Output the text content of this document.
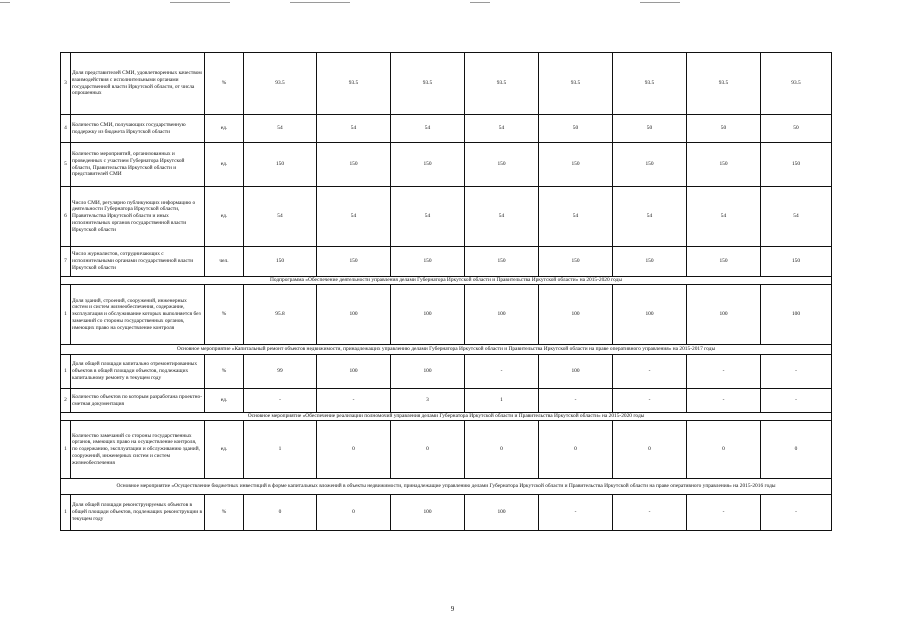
3	Доля представителей СМИ, удовлетворенных качеством взаимодействия с исполнительными органами государственной власти Иркутской области, от числа опрошенных	%	93.5	93.5	93.5	93.5	93.5	93.5	93.5	93.5
4	Количество СМИ, получающих государственную поддержку из бюджета Иркутской области	ед.	54	54	54	54	50	50	50	50
5	Количество мероприятий, организованных и проведенных с участием Губернатора Иркутской области, Правительства Иркутской области и представителей СМИ	ед.	150	150	150	150	150	150	150	150
6	Число СМИ, регулярно публикующих информацию о деятельности Губернатора Иркутской области, Правительства Иркутской области и иных исполнительных органов государственной власти Иркутской области	ед.	54	54	54	54	54	54	54	54
7	Число журналистов, сотрудничающих с исполнительными органами государственной власти Иркутской области	чел.	150	150	150	150	150	150	150	150
Подпрограмма «Обеспечение деятельности управления делами Губернатора Иркутской области и Правительства Иркутской области» на 2015-2020 годы										
1	Доля зданий, строений, сооружений, инженерных систем и систем жизнеобеспечения, содержание, эксплуатация и обслуживание которых выполняется без замечаний со стороны государственных органов, имеющих право на осуществление контроля	%	95.8	100	100	100	100	100	100	100
Основное мероприятие «Капитальный ремонт объектов недвижимости, принадлежащих управлению делами Губернатора Иркутской области и Правительства Иркутской области на праве оперативного управления» на 2015-2017 годы										
1	Доля общей площади капитально отремонтированных объектов в общей площади объектов, подлежащих капитальному ремонту в текущем году	%	99	100	100	-	100	-	-	-
2	Количество объектов по которым разработана проектно-сметная документация	ед.	-	-	3	1	-	-	-	-
Основное мероприятие «Обеспечение реализации полномочий управления делами Губернатора Иркутской области и Правительства Иркутской области» на 2015-2020 годы										
1	Количество замечаний со стороны государственных органов, имеющих право на осуществление контроля, по содержанию, эксплуатации и обслуживанию зданий, сооружений, инженерных систем и систем жизнеобеспечения	ед.	1	0	0	0	0	0	0	0
Основное мероприятие «Осуществление бюджетных инвестиций в форме капитальных вложений в объекты недвижимости, принадлежащие управлению делами Губернатора Иркутской области и Правительства Иркутской области на праве оперативного управления» на 2015-2016 годы										
1	Доля общей площади реконструируемых объектов в общей площади объектов, подлежащих реконструкции в текущем году	%	0	0	100	100	-	-	-	-
9
